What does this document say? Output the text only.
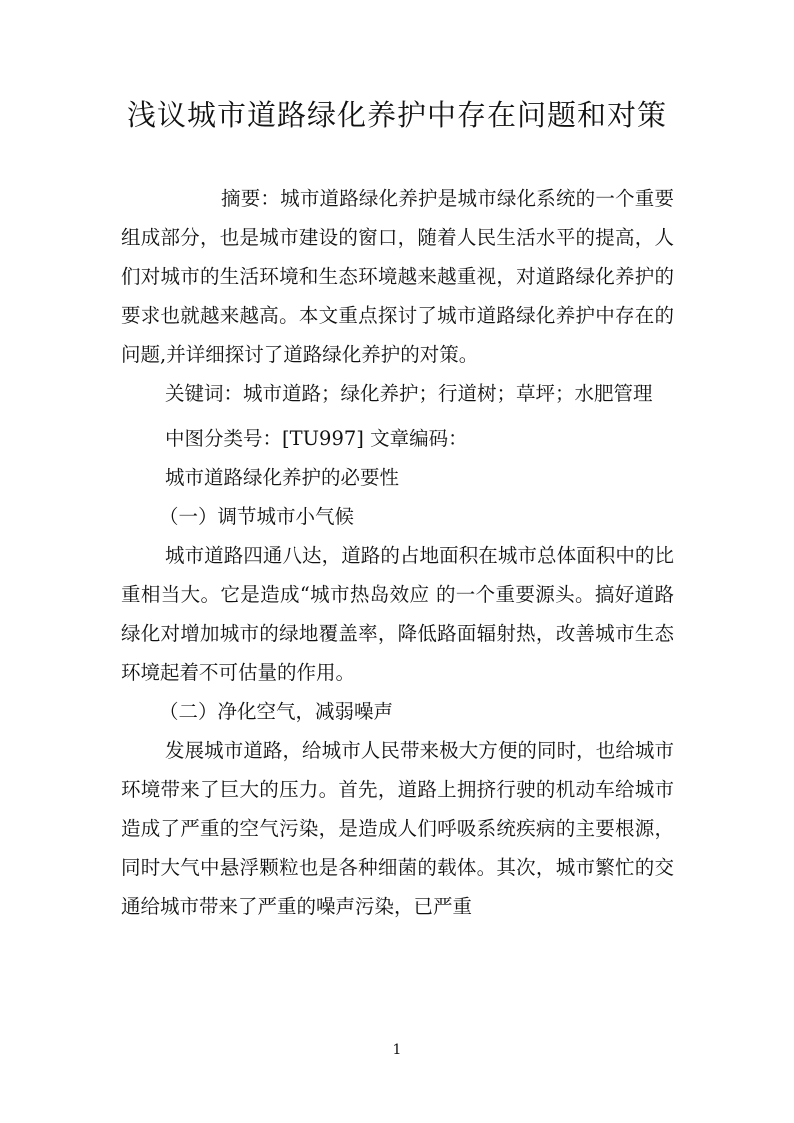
浅议城市道路绿化养护中存在问题和对策

摘要：城市道路绿化养护是城市绿化系统的一个重要组成部分，也是城市建设的窗口，随着人民生活水平的提高，人们对城市的生活环境和生态环境越来越重视，对道路绿化养护的要求也就越来越高。本文重点探讨了城市道路绿化养护中存在的问题,并详细探讨了道路绿化养护的对策。

关键词：城市道路；绿化养护；行道树；草坪；水肥管理

中图分类号：[TU997] 文章编码：

城市道路绿化养护的必要性

（一）调节城市小气候

城市道路四通八达，道路的占地面积在城市总体面积中的比重相当大。它是造成“城市热岛效应 的一个重要源头。搞好道路绿化对增加城市的绿地覆盖率，降低路面辐射热，改善城市生态环境起着不可估量的作用。

（二）净化空气，减弱噪声

发展城市道路，给城市人民带来极大方便的同时，也给城市环境带来了巨大的压力。首先，道路上拥挤行驶的机动车给城市造成了严重的空气污染，是造成人们呼吸系统疾病的主要根源，同时大气中悬浮颗粒也是各种细菌的载体。其次，城市繁忙的交通给城市带来了严重的噪声污染，已严重

1
